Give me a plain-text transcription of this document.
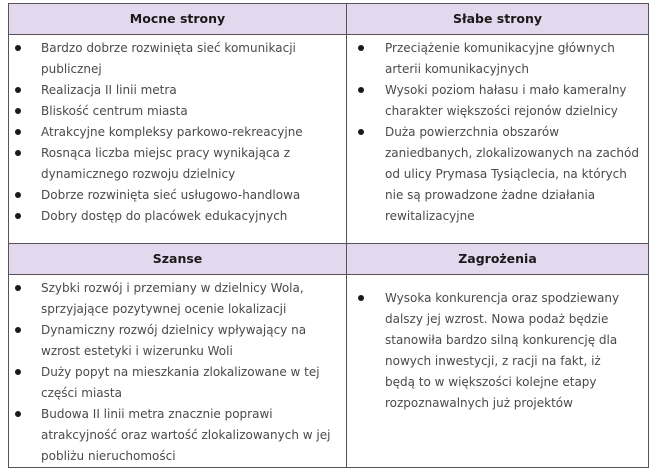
Mocne strony
Bardzo dobrze rozwinięta sieć komunikacji publicznej
Realizacja II linii metra
Bliskość centrum miasta
Atrakcyjne kompleksy parkowo-rekreacyjne
Rosnąca liczba miejsc pracy wynikająca z dynamicznego rozwoju dzielnicy
Dobrze rozwinięta sieć usługowo-handlowa
Dobry dostęp do placówek edukacyjnych
Słabe strony
Przeciążenie komunikacyjne głównych arterii komunikacyjnych
Wysoki poziom hałasu i mało kameralny charakter większości rejonów dzielnicy
Duża powierzchnia obszarów zaniedbanych, zlokalizowanych na zachód od ulicy Prymasa Tysiąclecia, na których nie są prowadzone żadne działania rewitalizacyjne
Szanse
Szybki rozwój i przemiany w dzielnicy Wola, sprzyjające pozytywnej ocenie lokalizacji
Dynamiczny rozwój dzielnicy wpływający na wzrost estetyki i wizerunku Woli
Duży popyt na mieszkania zlokalizowane w tej części miasta
Budowa II linii metra znacznie poprawi atrakcyjność oraz wartość zlokalizowanych w jej pobliżu nieruchomości
Zagrożenia
Wysoka konkurencja oraz spodziewany dalszy jej wzrost. Nowa podaż będzie stanowiła bardzo silną konkurencję dla nowych inwestycji, z racji na fakt, iż będą to w większości kolejne etapy rozpoznawalnych już projektów
